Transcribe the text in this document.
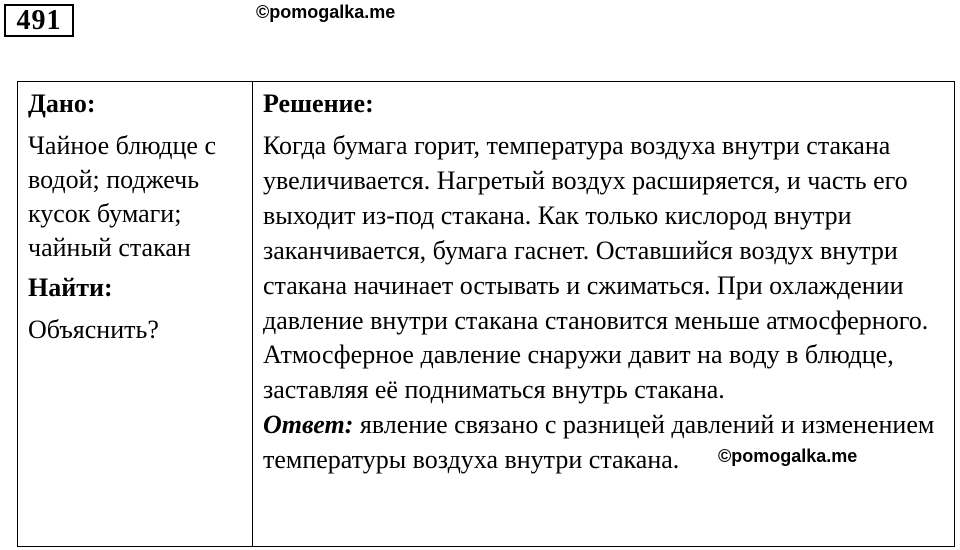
491	©pomogalka.me
Дано:
Чайное блюдце с водой; поджечь кусок бумаги; чайный стакан
Найти:
Объяснить?
Решение:

Когда бумага горит, температура воздуха внутри стакана увеличивается. Нагретый воздух расширяется, и часть его выходит из-под стакана. Как только кислород внутри заканчивается, бумага гаснет. Оставшийся воздух внутри стакана начинает остывать и сжиматься. При охлаждении давление внутри стакана становится меньше атмосферного. Атмосферное давление снаружи давит на воду в блюдце, заставляя её подниматься внутрь стакана.

Ответ: явление связано с разницей давлений и изменением температуры воздуха внутри стакана.	©pomogalka.me
